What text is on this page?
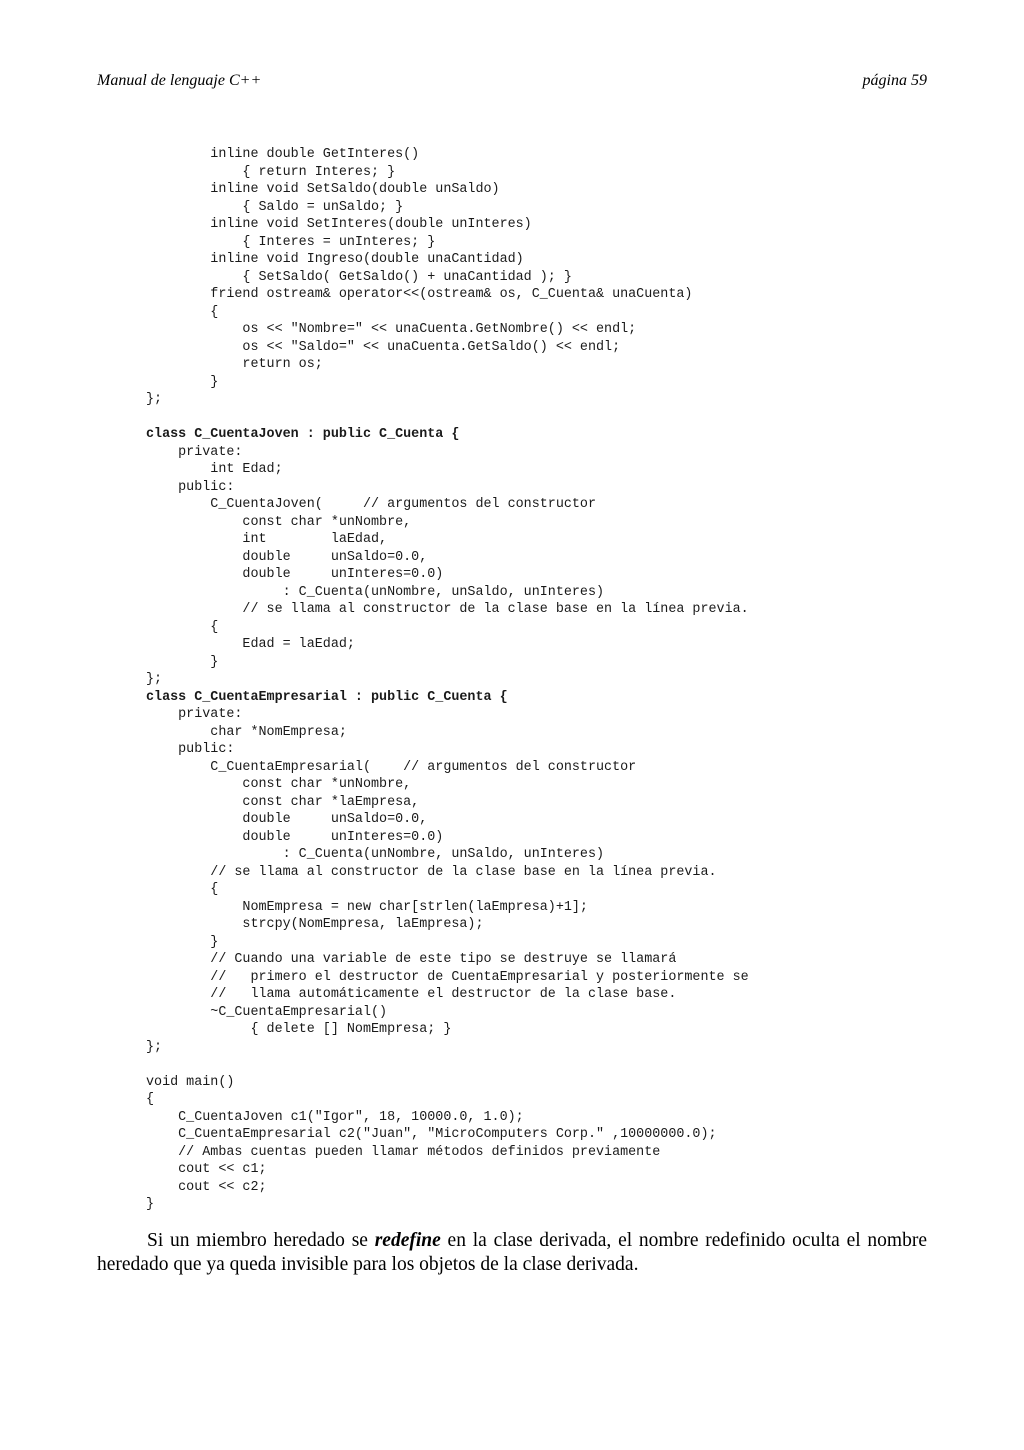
Manual de lenguaje C++	página 59
inline double GetInteres()
{ return Interes; }
inline void SetSaldo(double unSaldo)
{ Saldo = unSaldo; }
inline void SetInteres(double unInteres)
{ Interes = unInteres; }
inline void Ingreso(double unaCantidad)
{ SetSaldo( GetSaldo() + unaCantidad ); }
friend ostream& operator<<(ostream& os, C_Cuenta& unaCuenta)
{
os << "Nombre=" << unaCuenta.GetNombre() << endl;
os << "Saldo=" << unaCuenta.GetSaldo() << endl;
return os;
}
};
class C_CuentaJoven : public C_Cuenta {
private:
int Edad;
public:
C_CuentaJoven(     // argumentos del constructor
const char *unNombre,
int        laEdad,
double     unSaldo=0.0,
double     unInteres=0.0)
: C_Cuenta(unNombre, unSaldo, unInteres)
// se llama al constructor de la clase base en la línea previa.
{
Edad = laEdad;
}
};
class C_CuentaEmpresarial : public C_Cuenta {
private:
char *NomEmpresa;
public:
C_CuentaEmpresarial(    // argumentos del constructor
const char *unNombre,
const char *laEmpresa,
double     unSaldo=0.0,
double     unInteres=0.0)
: C_Cuenta(unNombre, unSaldo, unInteres)
// se llama al constructor de la clase base en la línea previa.
{
NomEmpresa = new char[strlen(laEmpresa)+1];
strcpy(NomEmpresa, laEmpresa);
}
// Cuando una variable de este tipo se destruye se llamará
//   primero el destructor de CuentaEmpresarial y posteriormente se
//   llama automáticamente el destructor de la clase base.
~C_CuentaEmpresarial()
{ delete [] NomEmpresa; }
};
void main()
{
C_CuentaJoven c1("Igor", 18, 10000.0, 1.0);
C_CuentaEmpresarial c2("Juan", "MicroComputers Corp." ,10000000.0);
// Ambas cuentas pueden llamar métodos definidos previamente
cout << c1;
cout << c2;
}

Si un miembro heredado se redefine en la clase derivada, el nombre redefinido oculta el nombre heredado que ya queda invisible para los objetos de la clase derivada.
